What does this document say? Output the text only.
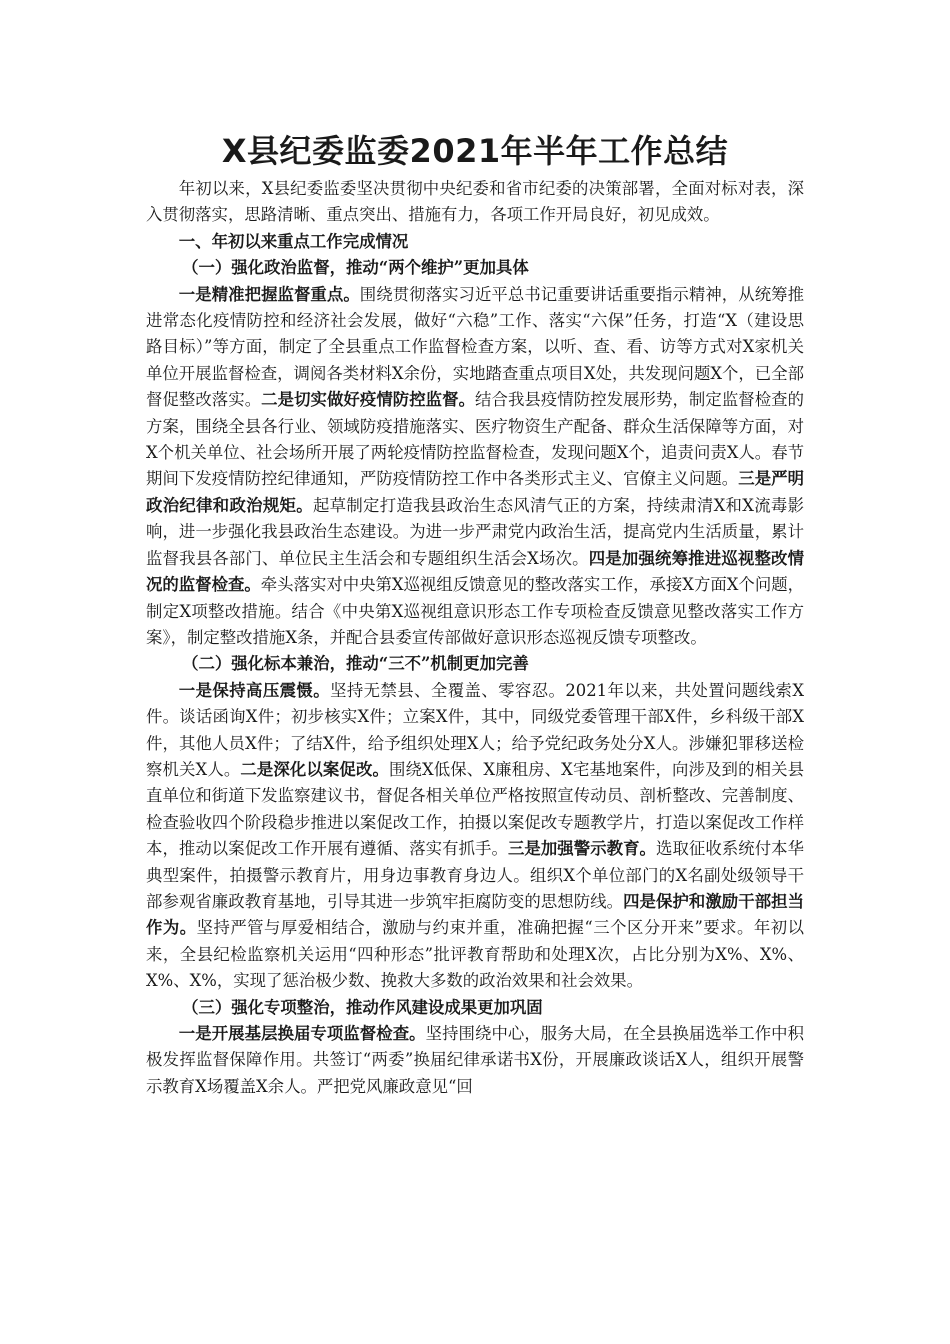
X县纪委监委2021年半年工作总结

年初以来，X县纪委监委坚决贯彻中央纪委和省市纪委的决策部署，全面对标对表，深入贯彻落实，思路清晰、重点突出、措施有力，各项工作开局良好，初见成效。

一、年初以来重点工作完成情况

（一）强化政治监督，推动“两个维护”更加具体

一是精准把握监督重点。围绕贯彻落实习近平总书记重要讲话重要指示精神，从统筹推进常态化疫情防控和经济社会发展，做好“六稳”工作、落实“六保”任务，打造“X（建设思路目标）”等方面，制定了全县重点工作监督检查方案，以听、查、看、访等方式对X家机关单位开展监督检查，调阅各类材料X余份，实地踏查重点项目X处，共发现问题X个，已全部督促整改落实。二是切实做好疫情防控监督。结合我县疫情防控发展形势，制定监督检查的方案，围绕全县各行业、领域防疫措施落实、医疗物资生产配备、群众生活保障等方面，对X个机关单位、社会场所开展了两轮疫情防控监督检查，发现问题X个，追责问责X人。春节期间下发疫情防控纪律通知，严防疫情防控工作中各类形式主义、官僚主义问题。三是严明政治纪律和政治规矩。起草制定打造我县政治生态风清气正的方案，持续肃清X和X流毒影响，进一步强化我县政治生态建设。为进一步严肃党内政治生活，提高党内生活质量，累计监督我县各部门、单位民主生活会和专题组织生活会X场次。四是加强统筹推进巡视整改情况的监督检查。牵头落实对中央第X巡视组反馈意见的整改落实工作，承接X方面X个问题，制定X项整改措施。结合《中央第X巡视组意识形态工作专项检查反馈意见整改落实工作方案》，制定整改措施X条，并配合县委宣传部做好意识形态巡视反馈专项整改。

（二）强化标本兼治，推动“三不”机制更加完善

一是保持高压震慑。坚持无禁县、全覆盖、零容忍。2021年以来，共处置问题线索X件。谈话函询X件；初步核实X件；立案X件，其中，同级党委管理干部X件，乡科级干部X件，其他人员X件；了结X件，给予组织处理X人；给予党纪政务处分X人。涉嫌犯罪移送检察机关X人。二是深化以案促改。围绕X低保、X廉租房、X宅基地案件，向涉及到的相关县直单位和街道下发监察建议书，督促各相关单位严格按照宣传动员、剖析整改、完善制度、检查验收四个阶段稳步推进以案促改工作，拍摄以案促改专题教学片，打造以案促改工作样本，推动以案促改工作开展有遵循、落实有抓手。三是加强警示教育。选取征收系统付本华典型案件，拍摄警示教育片，用身边事教育身边人。组织X个单位部门的X名副处级领导干部参观省廉政教育基地，引导其进一步筑牢拒腐防变的思想防线。四是保护和激励干部担当作为。坚持严管与厚爱相结合，激励与约束并重，准确把握“三个区分开来”要求。年初以来，全县纪检监察机关运用“四种形态”批评教育帮助和处理X次，占比分别为X%、X%、X%、X%，实现了惩治极少数、挽救大多数的政治效果和社会效果。

（三）强化专项整治，推动作风建设成果更加巩固

一是开展基层换届专项监督检查。坚持围绕中心，服务大局，在全县换届选举工作中积极发挥监督保障作用。共签订“两委”换届纪律承诺书X份，开展廉政谈话X人，组织开展警示教育X场覆盖X余人。严把党风廉政意见“回
